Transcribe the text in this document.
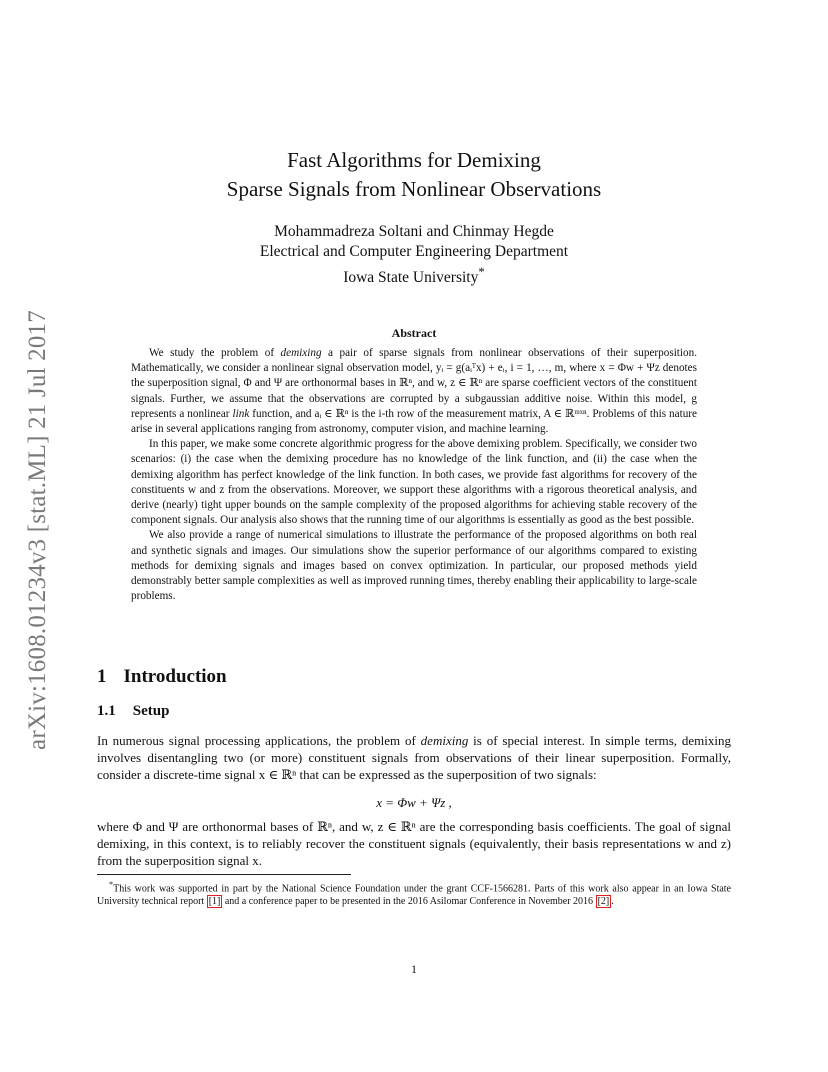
arXiv:1608.01234v3 [stat.ML] 21 Jul 2017
Fast Algorithms for Demixing
Sparse Signals from Nonlinear Observations
Mohammadreza Soltani and Chinmay Hegde
Electrical and Computer Engineering Department
Iowa State University*
Abstract

We study the problem of demixing a pair of sparse signals from nonlinear observations of their superposition. Mathematically, we consider a nonlinear signal observation model, yᵢ = g(aᵢᵀx) + eᵢ, i = 1, …, m, where x = Φw + Ψz denotes the superposition signal, Φ and Ψ are orthonormal bases in ℝⁿ, and w, z ∈ ℝⁿ are sparse coefficient vectors of the constituent signals. Further, we assume that the observations are corrupted by a subgaussian additive noise. Within this model, g represents a nonlinear link function, and aᵢ ∈ ℝⁿ is the i-th row of the measurement matrix, A ∈ ℝᵐˣⁿ. Problems of this nature arise in several applications ranging from astronomy, computer vision, and machine learning.

In this paper, we make some concrete algorithmic progress for the above demixing problem. Specifically, we consider two scenarios: (i) the case when the demixing procedure has no knowledge of the link function, and (ii) the case when the demixing algorithm has perfect knowledge of the link function. In both cases, we provide fast algorithms for recovery of the constituents w and z from the observations. Moreover, we support these algorithms with a rigorous theoretical analysis, and derive (nearly) tight upper bounds on the sample complexity of the proposed algorithms for achieving stable recovery of the component signals. Our analysis also shows that the running time of our algorithms is essentially as good as the best possible.

We also provide a range of numerical simulations to illustrate the performance of the proposed algorithms on both real and synthetic signals and images. Our simulations show the superior performance of our algorithms compared to existing methods for demixing signals and images based on convex optimization. In particular, our proposed methods yield demonstrably better sample complexities as well as improved running times, thereby enabling their applicability to large-scale problems.

1 Introduction
1.1 Setup

In numerous signal processing applications, the problem of demixing is of special interest. In simple terms, demixing involves disentangling two (or more) constituent signals from observations of their linear superposition. Formally, consider a discrete-time signal x ∈ ℝⁿ that can be expressed as the superposition of two signals:

x = Φw + Ψz ,

where Φ and Ψ are orthonormal bases of ℝⁿ, and w, z ∈ ℝⁿ are the corresponding basis coefficients. The goal of signal demixing, in this context, is to reliably recover the constituent signals (equivalently, their basis representations w and z) from the superposition signal x.

*This work was supported in part by the National Science Foundation under the grant CCF-1566281. Parts of this work also appear in an Iowa State University technical report [1] and a conference paper to be presented in the 2016 Asilomar Conference in November 2016 [2] .

1
